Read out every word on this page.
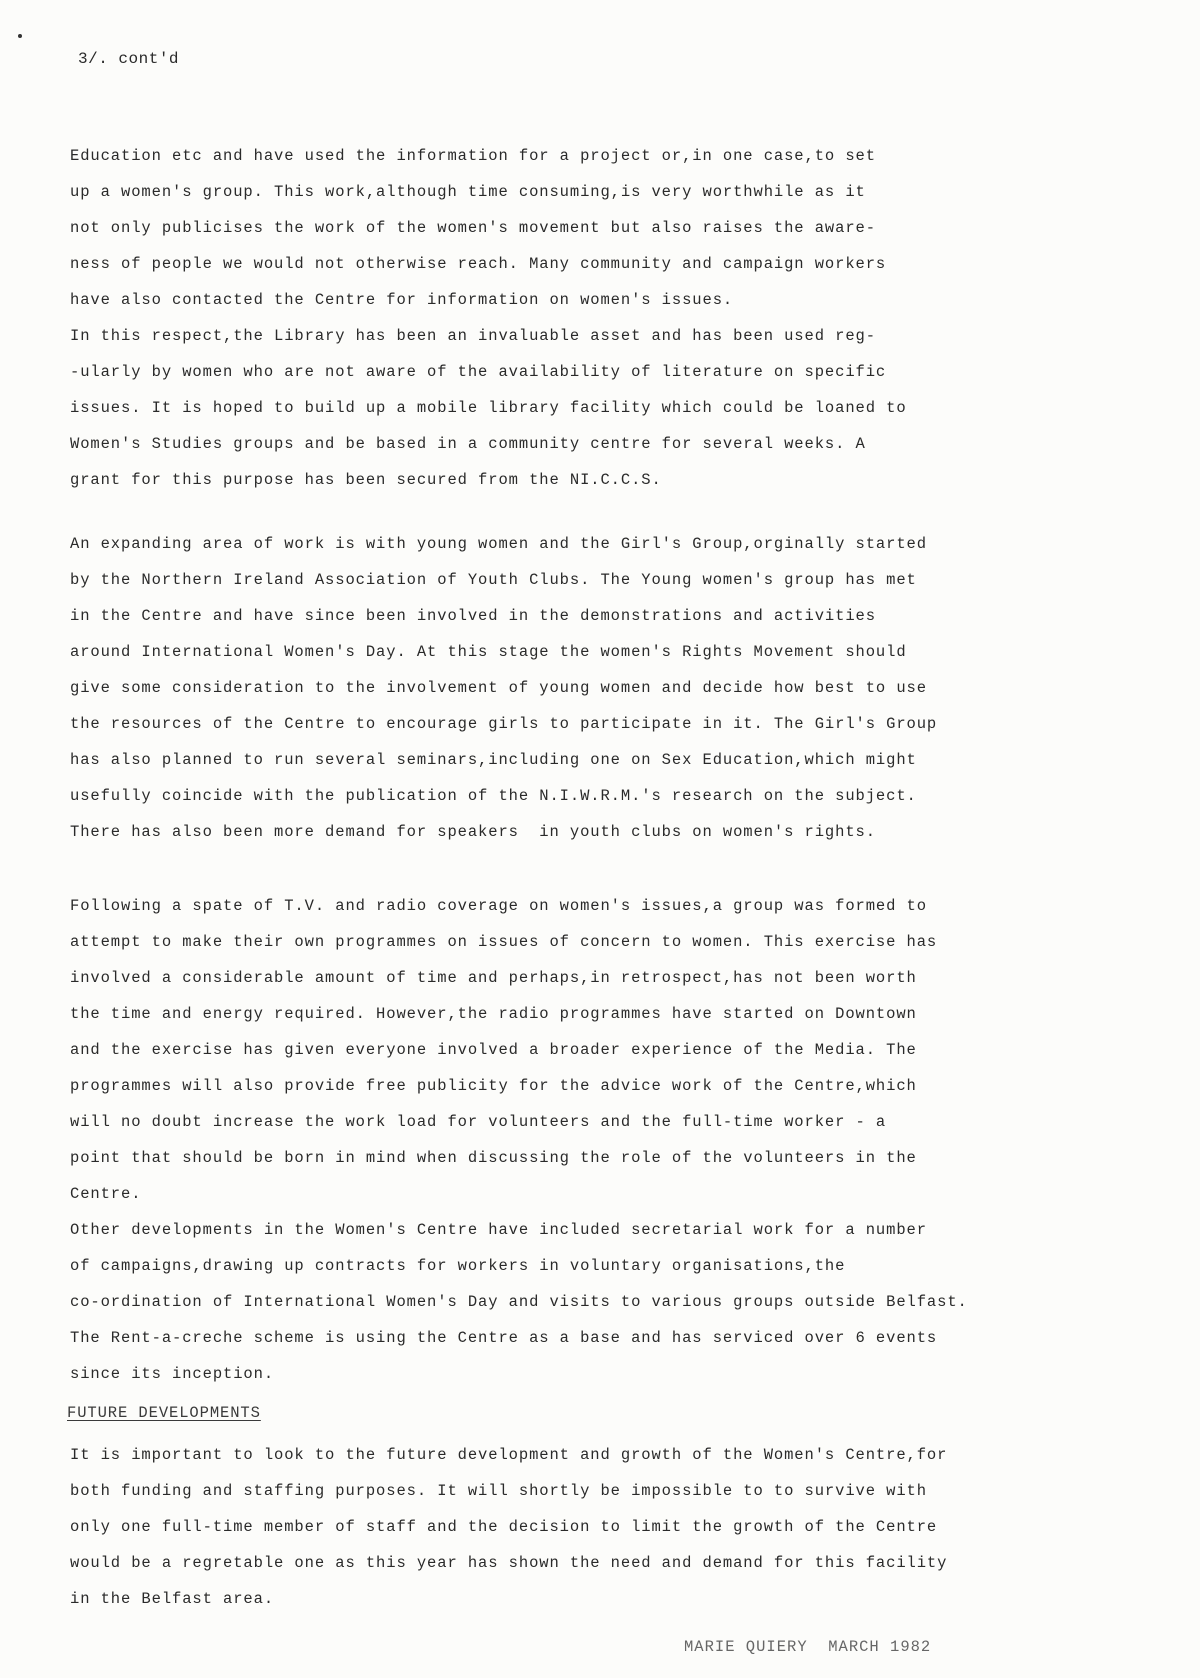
3/. cont'd
Education etc and have used the information for a project or,in one case,to set
up a women's group. This work,although time consuming,is very worthwhile as it
not only publicises the work of the women's movement but also raises the aware-
ness of people we would not otherwise reach. Many community and campaign workers
have also contacted the Centre for information on women's issues.
In this respect,the Library has been an invaluable asset and has been used reg-
-ularly by women who are not aware of the availability of literature on specific
issues. It is hoped to build up a mobile library facility which could be loaned to
Women's Studies groups and be based in a community centre for several weeks. A
grant for this purpose has been secured from the NI.C.C.S.
An expanding area of work is with young women and the Girl's Group,orginally started
by the Northern Ireland Association of Youth Clubs. The Young women's group has met
in the Centre and have since been involved in the demonstrations and activities
around International Women's Day. At this stage the women's Rights Movement should
give some consideration to the involvement of young women and decide how best to use
the resources of the Centre to encourage girls to participate in it. The Girl's Group
has also planned to run several seminars,including one on Sex Education,which might
usefully coincide with the publication of the N.I.W.R.M.'s research on the subject.
There has also been more demand for speakers  in youth clubs on women's rights.
Following a spate of T.V. and radio coverage on women's issues,a group was formed to
attempt to make their own programmes on issues of concern to women. This exercise has
involved a considerable amount of time and perhaps,in retrospect,has not been worth
the time and energy required. However,the radio programmes have started on Downtown
and the exercise has given everyone involved a broader experience of the Media. The
programmes will also provide free publicity for the advice work of the Centre,which
will no doubt increase the work load for volunteers and the full-time worker - a
point that should be born in mind when discussing the role of the volunteers in the
Centre.
Other developments in the Women's Centre have included secretarial work for a number
of campaigns,drawing up contracts for workers in voluntary organisations,the
co-ordination of International Women's Day and visits to various groups outside Belfast.
The Rent-a-creche scheme is using the Centre as a base and has serviced over 6 events
since its inception.
FUTURE DEVELOPMENTS
It is important to look to the future development and growth of the Women's Centre,for
both funding and staffing purposes. It will shortly be impossible to to survive with
only one full-time member of staff and the decision to limit the growth of the Centre
would be a regretable one as this year has shown the need and demand for this facility
in the Belfast area.
MARIE QUIERY  MARCH 1982
